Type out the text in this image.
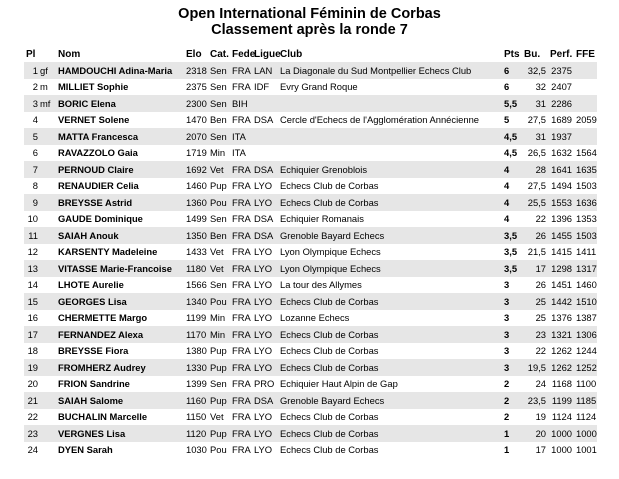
Open International Féminin de Corbas
Classement après la ronde 7
Pl	Nom	Elo	Cat.	Fede	Ligue	Club	Pts	Bu.	Perf.	FFE
1 gf	HAMDOUCHI Adina-Maria	2318	Sen	FRA	LAN	La Diagonale du Sud Montpellier Echecs Club	6	32,5	2375	
2 m	MILLIET Sophie	2375	Sen	FRA	IDF	Evry Grand Roque	6	32	2407	
3 mf	BORIC Elena	2300	Sen	BIH			5,5	31	2286	
4	VERNET Solene	1470	Ben	FRA	DSA	Cercle d'Echecs de l'Agglomération Annécienne	5	27,5	1689	2059
5	MATTA Francesca	2070	Sen	ITA			4,5	31	1937	
6	RAVAZZOLO Gaia	1719	Min	ITA			4,5	26,5	1632	1564
7	PERNOUD Claire	1692	Vet	FRA	DSA	Echiquier Grenoblois	4	28	1641	1635
8	RENAUDIER Celia	1460	Pup	FRA	LYO	Echecs Club de Corbas	4	27,5	1494	1503
9	BREYSSE Astrid	1360	Pou	FRA	LYO	Echecs Club de Corbas	4	25,5	1553	1636
10	GAUDE Dominique	1499	Sen	FRA	DSA	Echiquier Romanais	4	22	1396	1353
11	SAIAH Anouk	1350	Ben	FRA	DSA	Grenoble Bayard Echecs	3,5	26	1455	1503
12	KARSENTY Madeleine	1433	Vet	FRA	LYO	Lyon Olympique Echecs	3,5	21,5	1415	1411
13	VITASSE Marie-Francoise	1180	Vet	FRA	LYO	Lyon Olympique Echecs	3,5	17	1298	1317
14	LHOTE Aurelie	1566	Sen	FRA	LYO	La tour des Allymes	3	26	1451	1460
15	GEORGES Lisa	1340	Pou	FRA	LYO	Echecs Club de Corbas	3	25	1442	1510
16	CHERMETTE Margo	1199	Min	FRA	LYO	Lozanne Echecs	3	25	1376	1387
17	FERNANDEZ Alexa	1170	Min	FRA	LYO	Echecs Club de Corbas	3	23	1321	1306
18	BREYSSE Fiora	1380	Pup	FRA	LYO	Echecs Club de Corbas	3	22	1262	1244
19	FROMHERZ Audrey	1330	Pup	FRA	LYO	Echecs Club de Corbas	3	19,5	1262	1252
20	FRION Sandrine	1399	Sen	FRA	PRO	Echiquier Haut Alpin de Gap	2	24	1168	1100
21	SAIAH Salome	1160	Pup	FRA	DSA	Grenoble Bayard Echecs	2	23,5	1199	1185
22	BUCHALIN Marcelle	1150	Vet	FRA	LYO	Echecs Club de Corbas	2	19	1124	1124
23	VERGNES Lisa	1120	Pup	FRA	LYO	Echecs Club de Corbas	1	20	1000	1000
24	DYEN Sarah	1030	Pou	FRA	LYO	Echecs Club de Corbas	1	17	1000	1001
